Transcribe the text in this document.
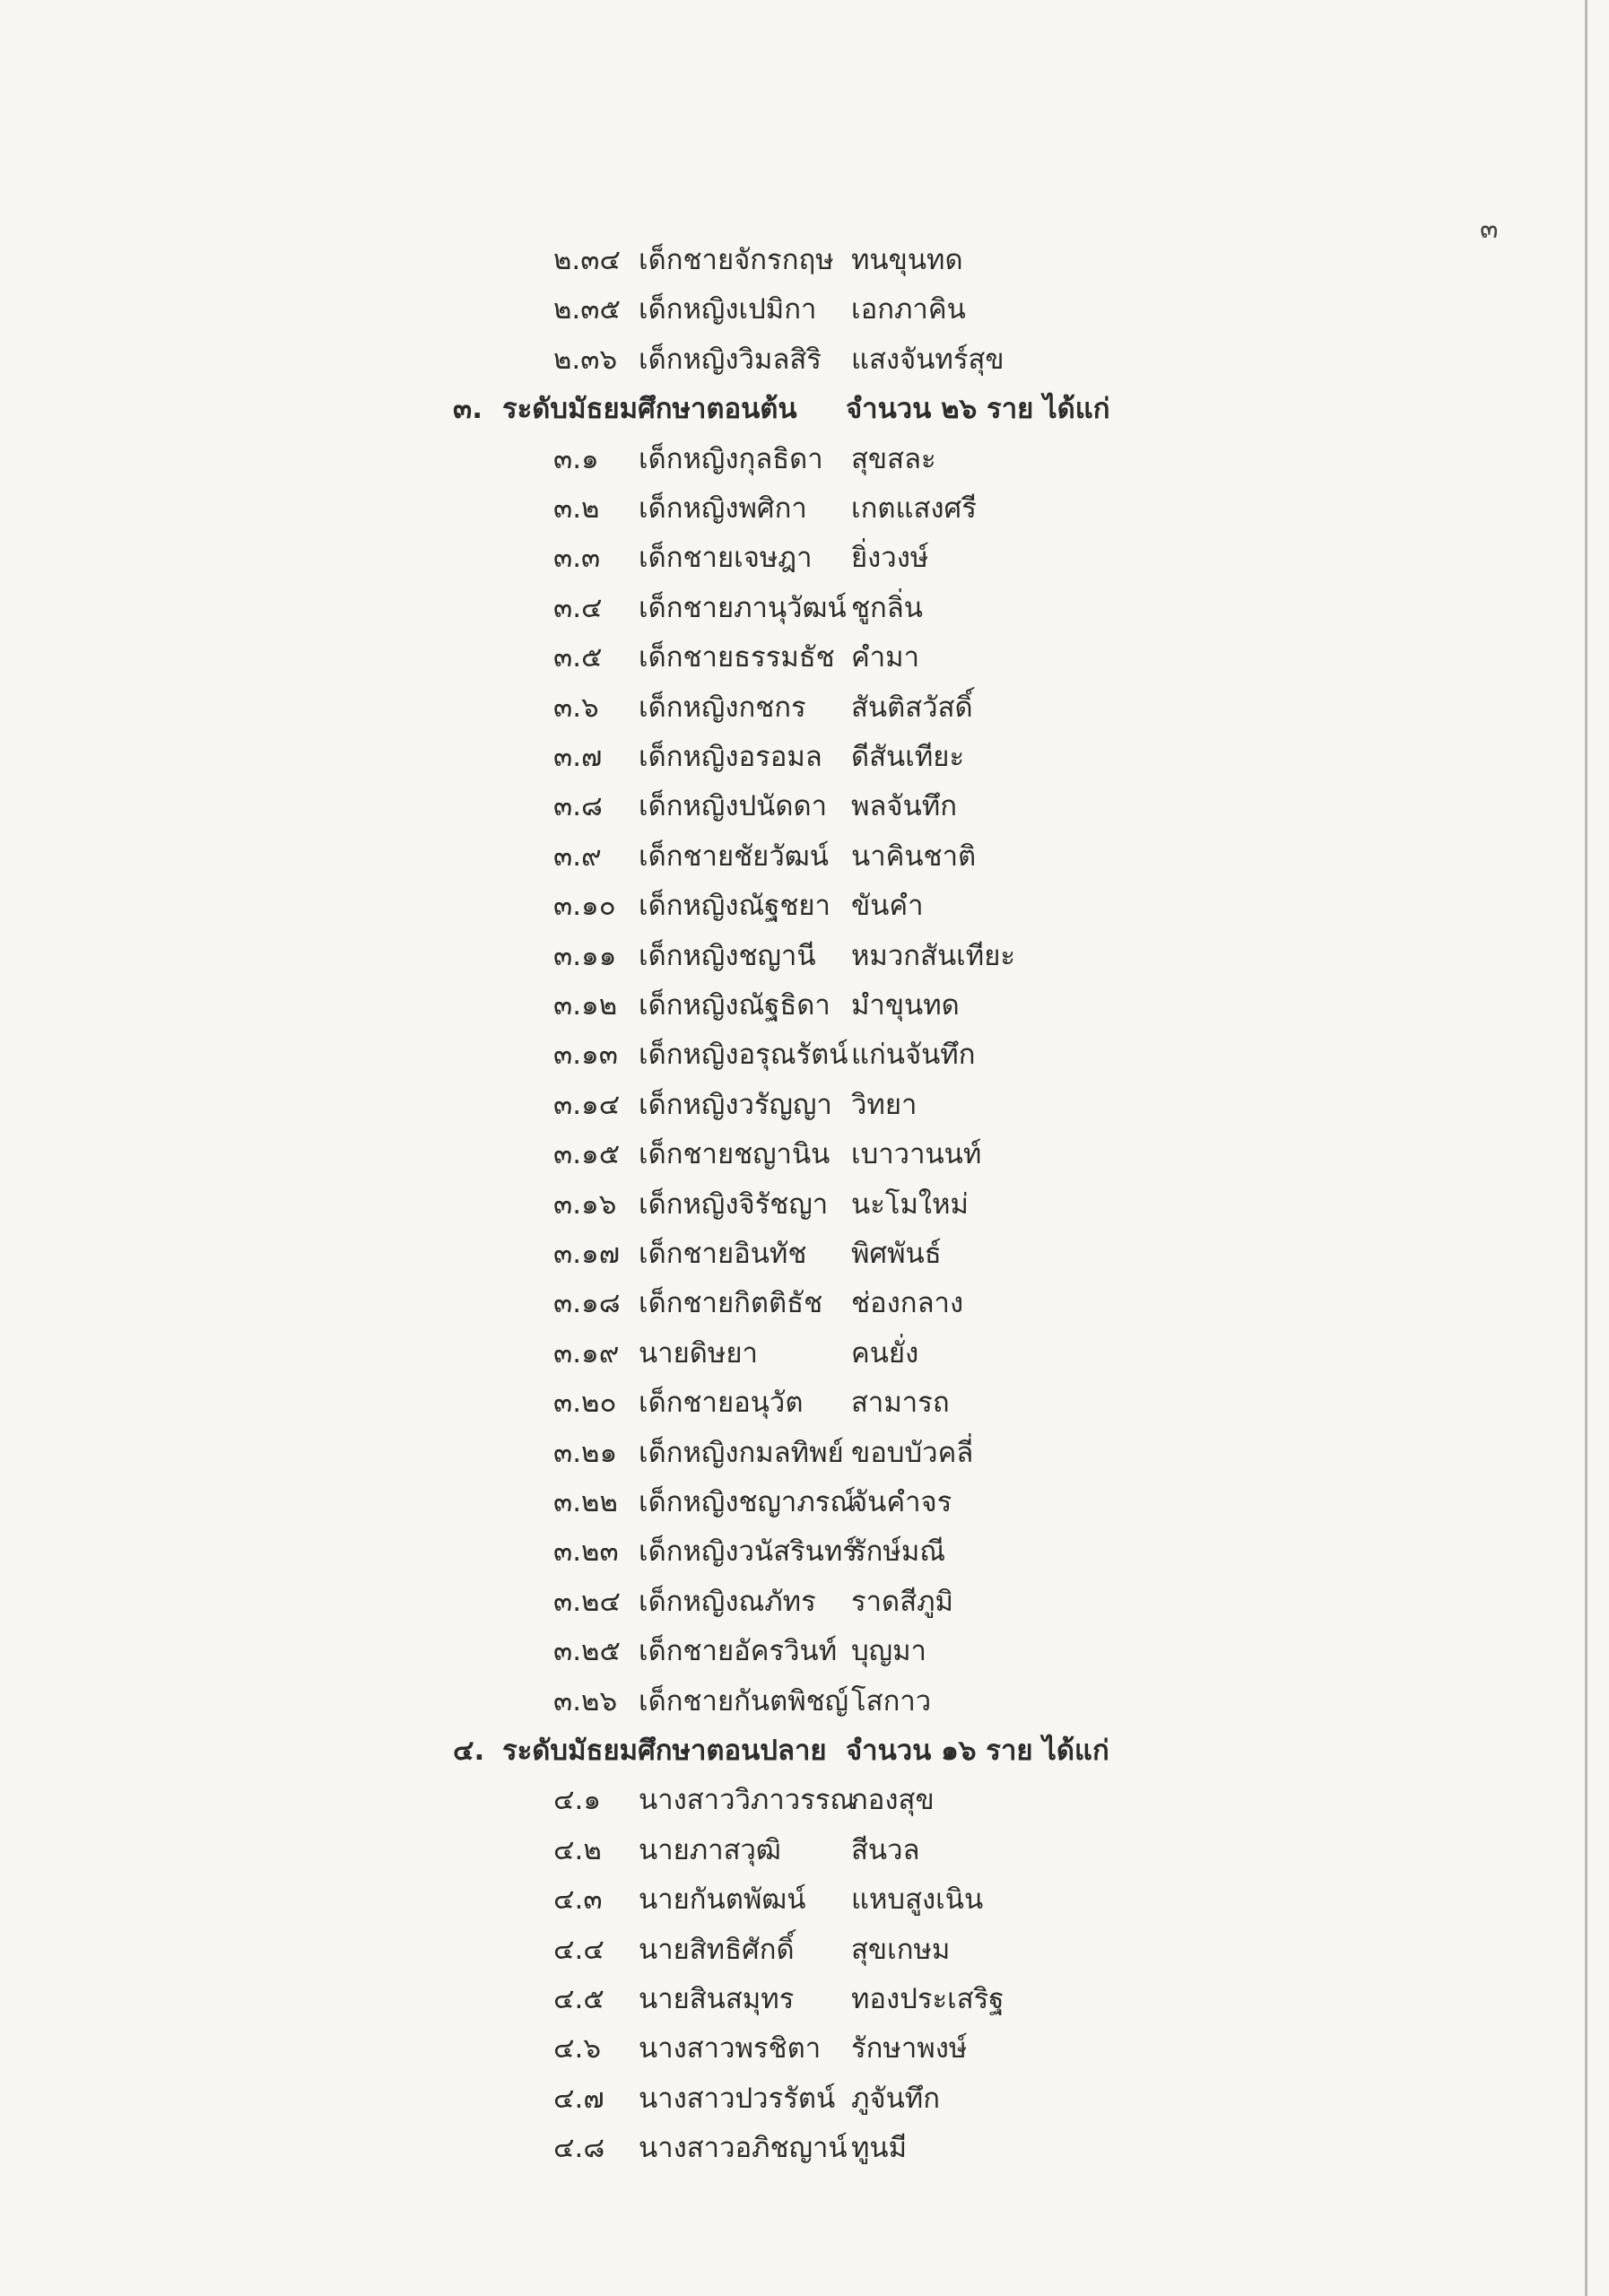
๓
๒.๓๔ เด็กชายจักรกฤษ ทนขุนทด
๒.๓๕ เด็กหญิงเปมิกา เอกภาคิน
๒.๓๖ เด็กหญิงวิมลสิริ แสงจันทร์สุข
๓. ระดับมัธยมศึกษาตอนต้น จำนวน ๒๖ ราย ได้แก่
๓.๑ เด็กหญิงกุลธิดา สุขสละ
๓.๒ เด็กหญิงพศิกา เกตแสงศรี
๓.๓ เด็กชายเจษฎา ยิ่งวงษ์
๓.๔ เด็กชายภานุวัฒน์ ชูกลิ่น
๓.๕ เด็กชายธรรมธัช คำมา
๓.๖ เด็กหญิงกชกร สันติสวัสดิ์
๓.๗ เด็กหญิงอรอมล ดีสันเทียะ
๓.๘ เด็กหญิงปนัดดา พลจันทึก
๓.๙ เด็กชายชัยวัฒน์ นาคินชาติ
๓.๑๐ เด็กหญิงณัฐชยา ขันคำ
๓.๑๑ เด็กหญิงชญานี หมวกสันเทียะ
๓.๑๒ เด็กหญิงณัฐธิดา มำขุนทด
๓.๑๓ เด็กหญิงอรุณรัตน์ แก่นจันทึก
๓.๑๔ เด็กหญิงวรัญญา วิทยา
๓.๑๕ เด็กชายชญานิน เบาวานนท์
๓.๑๖ เด็กหญิงจิรัชญา นะโมใหม่
๓.๑๗ เด็กชายอินทัช พิศพันธ์
๓.๑๘ เด็กชายกิตติธัช ช่องกลาง
๓.๑๙ นายดิษยา	คนยั่ง
๓.๒๐ เด็กชายอนุวัต สามารถ
๓.๒๑ เด็กหญิงกมลทิพย์ ขอบบัวคลี่
๓.๒๒ เด็กหญิงชญาภรณ์
จันคำจร
๓.๒๓ เด็กหญิงวนัสรินทร์
รักษ์มณี
๓.๒๔ เด็กหญิงณภัทร ราดสีภูมิ
๓.๒๕ เด็กชายอัครวินท์ บุญมา
๓.๒๖ เด็กชายกันตพิชญ์ โสกาว
๔. ระดับมัธยมศึกษาตอนปลาย จำนวน ๑๖ ราย ได้แก่
๔.๑ นางสาววิภาวรรณ
กองสุข
๔.๒ นายภาสวุฒิ	สีนวล
๔.๓ นายกันตพัฒน์ แหบสูงเนิน
๔.๔ นายสิทธิศักดิ์ สุขเกษม
๔.๕ นายสินสมุทร ทองประเสริฐ
๔.๖ นางสาวพรชิตา รักษาพงษ์
๔.๗ นางสาวปวรรัตน์ ภูจันทึก
๔.๘ นางสาวอภิชญาน์ ทูนมี
